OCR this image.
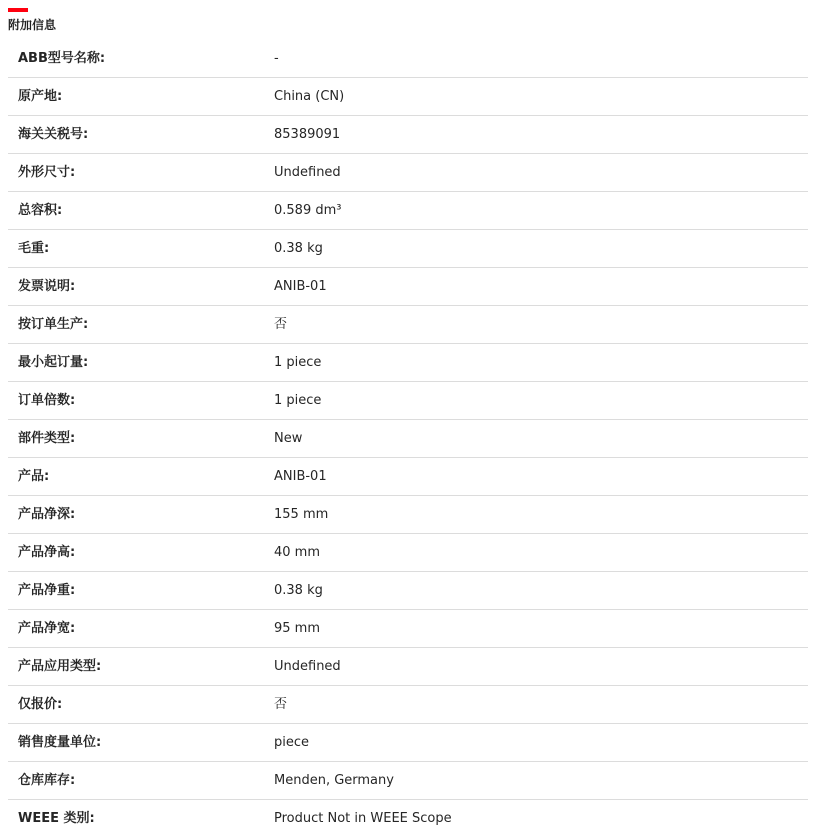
附加信息
ABB型号名称:	-
原产地:	China (CN)
海关关税号:	85389091
外形尺寸:	Undefined
总容积:	0.589 dm³
毛重:	0.38 kg
发票说明:	ANIB-01
按订单生产:	否
最小起订量:	1 piece
订单倍数:	1 piece
部件类型:	New
产品:	ANIB-01
产品净深:	155 mm
产品净高:	40 mm
产品净重:	0.38 kg
产品净宽:	95 mm
产品应用类型:	Undefined
仅报价:	否
销售度量单位:	piece
仓库库存:	Menden, Germany
WEEE 类别:	Product Not in WEEE Scope
